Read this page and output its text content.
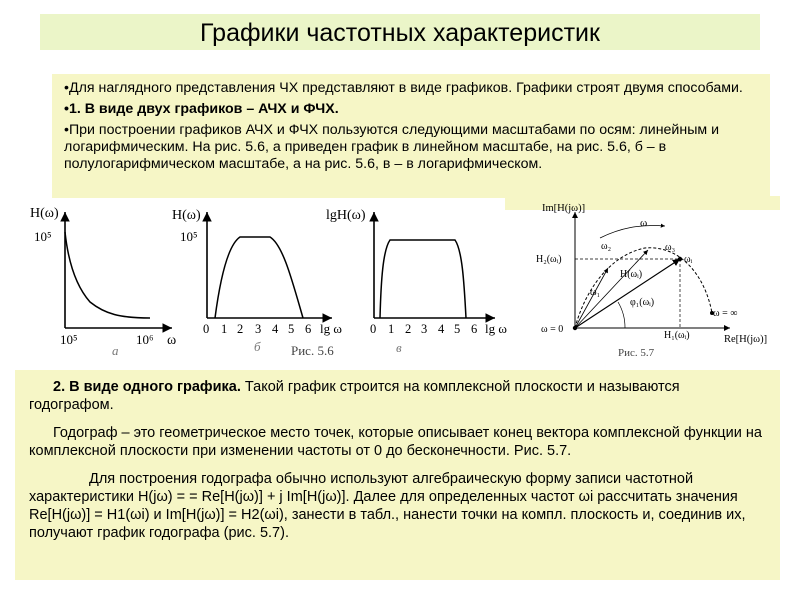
Графики частотных характеристик

•Для наглядного представления ЧХ представляют в виде графиков. Графики строят двумя способами.

•1. В виде двух графиков – АЧХ и ФЧХ.

•При построении графиков АЧХ и ФЧХ пользуются следующими масштабами по осям: линейным и логарифмическим. На рис. 5.6, а приведен график в линейном масштабе, на рис. 5.6, б – в полулогарифмическом масштабе, а на рис. 5.6, в – в логарифмическом.

H(ω)
10⁵
10⁵	10⁶ ω
а
H(ω)
10⁵
0 1 2 3 4 5 6 lg ω
б Рис. 5.6
lgH(ω)
0 1 2 3 4 5 6 lg ω
в
Im[H(jω)]
Re[H(jω)]
ω
ω₂	ω₃
ω₁
ωᵢ
H₂(ωᵢ)
H(ωᵢ)
φ₁(ωᵢ)
H₁(ωᵢ)
ω = 0
ω = ∞
Рис. 5.7

2. В виде одного графика. Такой график строится на комплексной плоскости и называются годографом.

Годограф – это геометрическое место точек, которые описывает конец вектора комплексной функции на комплексной плоскости при изменении частоты от 0 до бесконечности. Рис. 5.7.

Для построения годографа обычно используют алгебраическую форму записи частотной характеристики H(jω) = = Re[H(jω)] + j Im[H(jω)]. Далее для определенных частот ωi рассчитать значения Re[H(jω)] = H1(ωi) и Im[H(jω)] = H2(ωi), занести в табл., нанести точки на компл. плоскость и, соединив их, получают график годографа (рис. 5.7).
